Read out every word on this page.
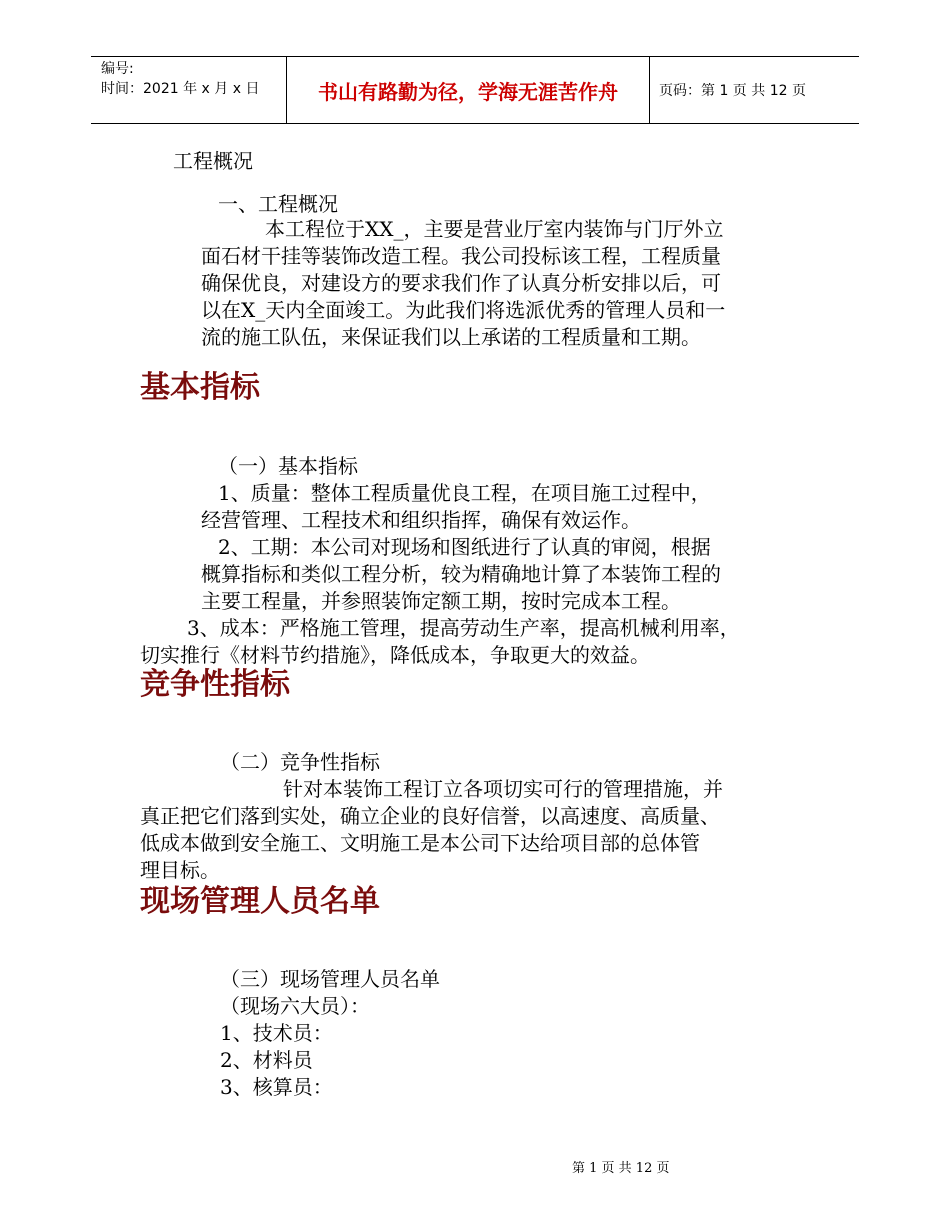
编号:
时间：2021 年 x 月 x 日	书山有路勤为径，学海无涯苦作舟	页码：第 1 页 共 12 页
工程概况
一、工程概况
本工程位于XX_，主要是营业厅室内装饰与门厅外立
面石材干挂等装饰改造工程。我公司投标该工程，工程质量
确保优良，对建设方的要求我们作了认真分析安排以后，可
以在X_天内全面竣工。为此我们将选派优秀的管理人员和一
流的施工队伍，来保证我们以上承诺的工程质量和工期。
基本指标
（一）基本指标
1、质量：整体工程质量优良工程，在项目施工过程中，
经营管理、工程技术和组织指挥，确保有效运作。
2、工期：本公司对现场和图纸进行了认真的审阅，根据
概算指标和类似工程分析，较为精确地计算了本装饰工程的
主要工程量，并参照装饰定额工期，按时完成本工程。
3、成本：严格施工管理，提高劳动生产率，提高机械利用率，
切实推行《材料节约措施》，降低成本，争取更大的效益。
竞争性指标
（二）竞争性指标
针对本装饰工程订立各项切实可行的管理措施，并
真正把它们落到实处，确立企业的良好信誉，以高速度、高质量、
低成本做到安全施工、文明施工是本公司下达给项目部的总体管
理目标。
现场管理人员名单
（三）现场管理人员名单
（现场六大员）：
1、技术员：
2、材料员
3、核算员：
第 1 页 共 12 页
